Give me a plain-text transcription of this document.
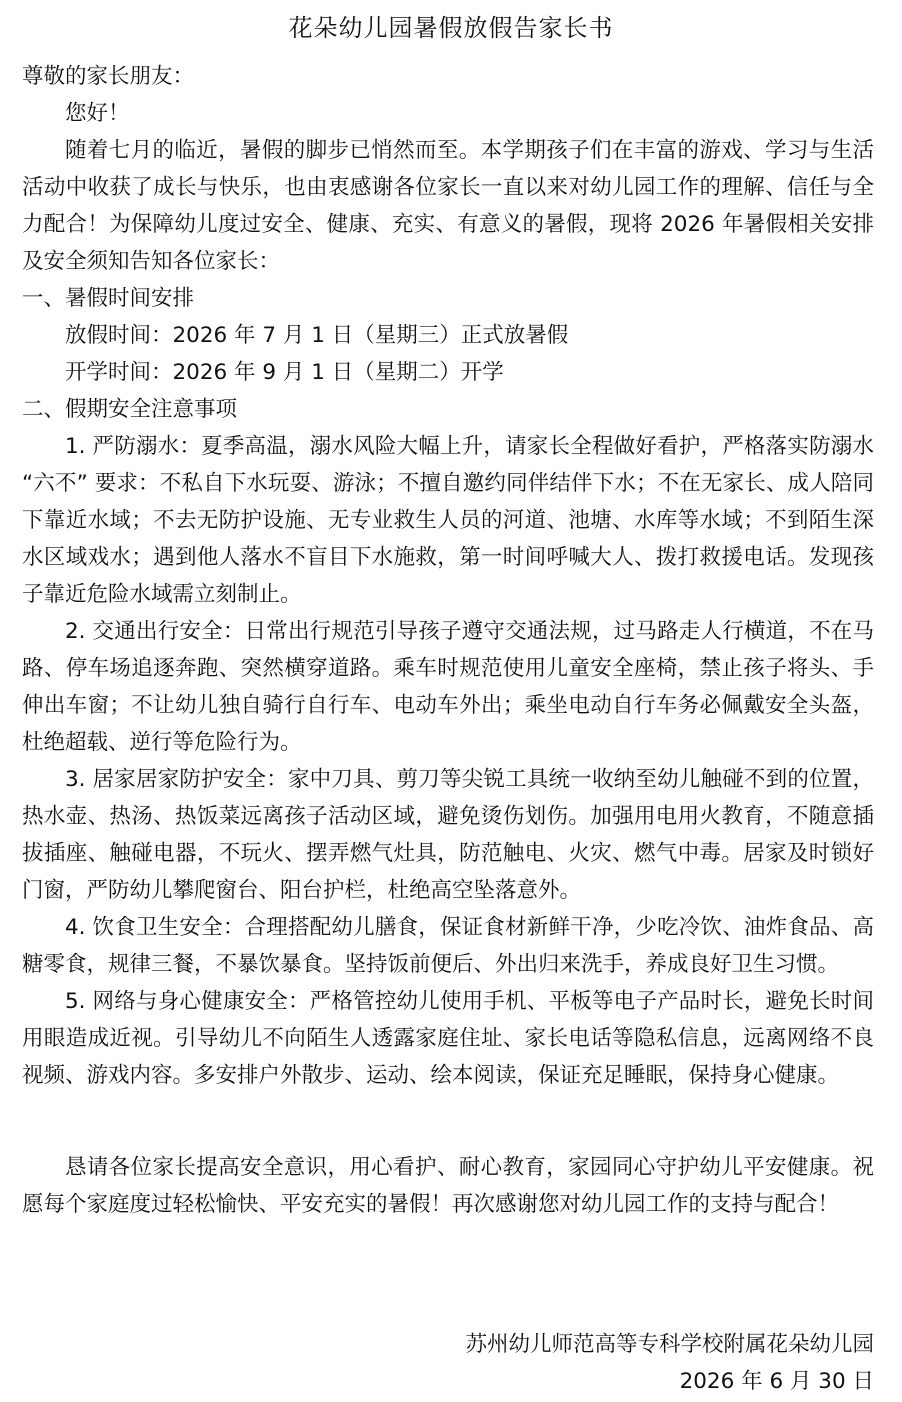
花朵幼儿园暑假放假告家长书

尊敬的家长朋友：

您好！

随着七月的临近，暑假的脚步已悄然而至。本学期孩子们在丰富的游戏、学习与生活活动中收获了成长与快乐，也由衷感谢各位家长一直以来对幼儿园工作的理解、信任与全力配合！为保障幼儿度过安全、健康、充实、有意义的暑假，现将 2026 年暑假相关安排及安全须知告知各位家长：

一、暑假时间安排

放假时间：2026 年 7 月 1 日（星期三）正式放暑假

开学时间：2026 年 9 月 1 日（星期二）开学

二、假期安全注意事项

1. 严防溺水：夏季高温，溺水风险大幅上升，请家长全程做好看护，严格落实防溺水 “六不” 要求：不私自下水玩耍、游泳；不擅自邀约同伴结伴下水；不在无家长、成人陪同下靠近水域；不去无防护设施、无专业救生人员的河道、池塘、水库等水域；不到陌生深水区域戏水；遇到他人落水不盲目下水施救，第一时间呼喊大人、拨打救援电话。发现孩子靠近危险水域需立刻制止。

2. 交通出行安全：日常出行规范引导孩子遵守交通法规，过马路走人行横道，不在马路、停车场追逐奔跑、突然横穿道路。乘车时规范使用儿童安全座椅，禁止孩子将头、手伸出车窗；不让幼儿独自骑行自行车、电动车外出；乘坐电动自行车务必佩戴安全头盔，杜绝超载、逆行等危险行为。

3. 居家居家防护安全：家中刀具、剪刀等尖锐工具统一收纳至幼儿触碰不到的位置，热水壶、热汤、热饭菜远离孩子活动区域，避免烫伤划伤。加强用电用火教育，不随意插拔插座、触碰电器，不玩火、摆弄燃气灶具，防范触电、火灾、燃气中毒。居家及时锁好门窗，严防幼儿攀爬窗台、阳台护栏，杜绝高空坠落意外。

4. 饮食卫生安全：合理搭配幼儿膳食，保证食材新鲜干净，少吃冷饮、油炸食品、高糖零食，规律三餐，不暴饮暴食。坚持饭前便后、外出归来洗手，养成良好卫生习惯。

5. 网络与身心健康安全：严格管控幼儿使用手机、平板等电子产品时长，避免长时间用眼造成近视。引导幼儿不向陌生人透露家庭住址、家长电话等隐私信息，远离网络不良视频、游戏内容。多安排户外散步、运动、绘本阅读，保证充足睡眠，保持身心健康。

恳请各位家长提高安全意识，用心看护、耐心教育，家园同心守护幼儿平安健康。祝愿每个家庭度过轻松愉快、平安充实的暑假！再次感谢您对幼儿园工作的支持与配合！

苏州幼儿师范高等专科学校附属花朵幼儿园

2026 年 6 月 30 日
